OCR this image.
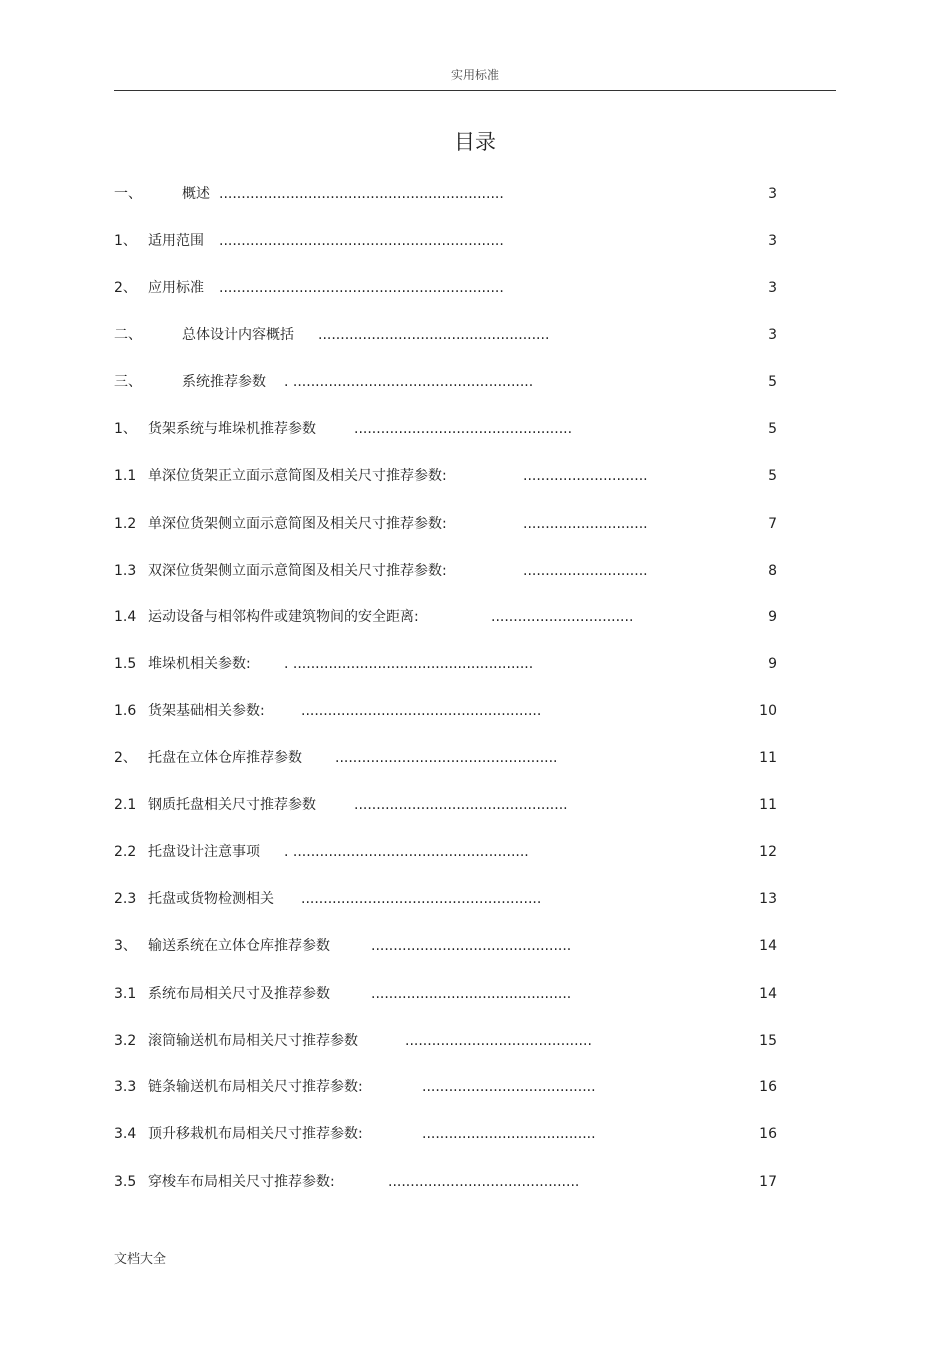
实用标准
目录
一、	概述 ................................................................	3
1、 适用范围 ................................................................	3
2、 应用标准 ................................................................	3
二、	总体设计内容概括 ....................................................	3
三、	系统推荐参数 . ......................................................	5
1、 货架系统与堆垛机推荐参数	.................................................	5
1.1 单深位货架正立面示意简图及相关尺寸推荐参数:	............................	5
1.2 单深位货架侧立面示意简图及相关尺寸推荐参数:	............................	7
1.3 双深位货架侧立面示意简图及相关尺寸推荐参数:	............................	8
1.4 运动设备与相邻构件或建筑物间的安全距离:	................................	9
1.5 堆垛机相关参数: . ......................................................	9
1.6 货架基础相关参数:	......................................................	10
2、 托盘在立体仓库推荐参数 ..................................................	11
2.1 钢质托盘相关尺寸推荐参数	................................................	11
2.2 托盘设计注意事项 . .....................................................	12
2.3 托盘或货物检测相关 ......................................................	13
3、 输送系统在立体仓库推荐参数	.............................................	14
3.1 系统布局相关尺寸及推荐参数	.............................................	14
3.2 滚筒输送机布局相关尺寸推荐参数	..........................................	15
3.3 链条输送机布局相关尺寸推荐参数:	.......................................	16
3.4 顶升移栽机布局相关尺寸推荐参数:	.......................................	16
3.5 穿梭车布局相关尺寸推荐参数:	...........................................	17
文档大全
